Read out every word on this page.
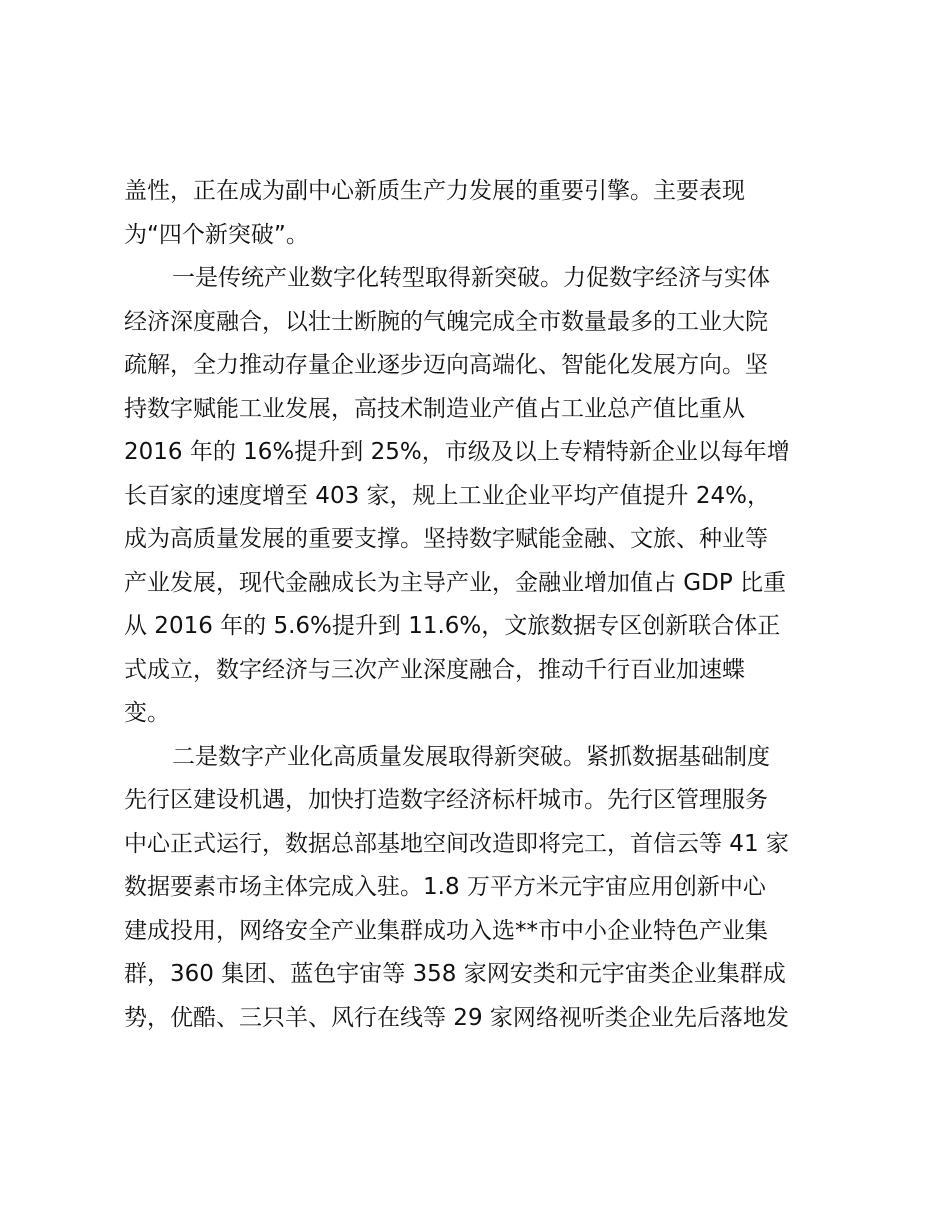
盖性，正在成为副中心新质生产力发展的重要引擎。主要表现
为“四个新突破”。
一是传统产业数字化转型取得新突破。力促数字经济与实体
经济深度融合，以壮士断腕的气魄完成全市数量最多的工业大院
疏解，全力推动存量企业逐步迈向高端化、智能化发展方向。坚
持数字赋能工业发展，高技术制造业产值占工业总产值比重从
2016 年的 16%提升到 25%，市级及以上专精特新企业以每年增
长百家的速度增至 403 家，规上工业企业平均产值提升 24%，
成为高质量发展的重要支撑。坚持数字赋能金融、文旅、种业等
产业发展，现代金融成长为主导产业，金融业增加值占 GDP 比重
从 2016 年的 5.6%提升到 11.6%，文旅数据专区创新联合体正
式成立，数字经济与三次产业深度融合，推动千行百业加速蝶
变。
二是数字产业化高质量发展取得新突破。紧抓数据基础制度
先行区建设机遇，加快打造数字经济标杆城市。先行区管理服务
中心正式运行，数据总部基地空间改造即将完工，首信云等 41 家
数据要素市场主体完成入驻。1.8 万平方米元宇宙应用创新中心
建成投用，网络安全产业集群成功入选**市中小企业特色产业集
群，360 集团、蓝色宇宙等 358 家网安类和元宇宙类企业集群成
势，优酷、三只羊、风行在线等 29 家网络视听类企业先后落地发
